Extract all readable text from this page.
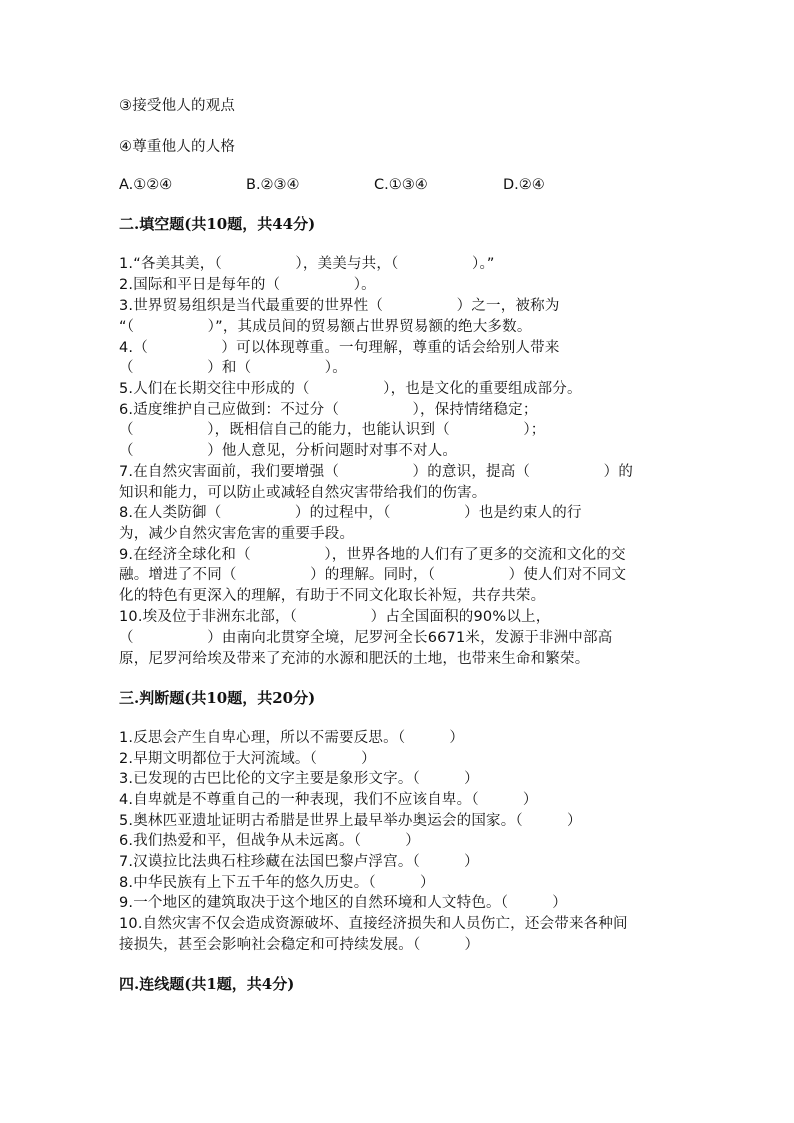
③接受他人的观点
④尊重他人的人格
A.①②④	B.②③④	C.①③④	D.②④
二.填空题(共10题，共44分)
1.“各美其美，（　　　　　），美美与共，（　　　　　）。”
2.国际和平日是每年的（　　　　　）。
3.世界贸易组织是当代最重要的世界性（　　　　　）之一，被称为
“（　　　　　）”，其成员间的贸易额占世界贸易额的绝大多数。
4.（　　　　　）可以体现尊重。一句理解，尊重的话会给别人带来
（　　　　　）和（　　　　　）。
5.人们在长期交往中形成的（　　　　　），也是文化的重要组成部分。
6.适度维护自己应做到：不过分（　　　　　），保持情绪稳定；
（　　　　　），既相信自己的能力，也能认识到（　　　　　）；
（　　　　　）他人意见，分析问题时对事不对人。
7.在自然灾害面前，我们要增强（　　　　　）的意识，提高（　　　　　）的
知识和能力，可以防止或减轻自然灾害带给我们的伤害。
8.在人类防御（　　　　　）的过程中，（　　　　　）也是约束人的行
为，减少自然灾害危害的重要手段。
9.在经济全球化和（　　　　　），世界各地的人们有了更多的交流和文化的交
融。增进了不同（　　　　　）的理解。同时，（　　　　　）使人们对不同文
化的特色有更深入的理解，有助于不同文化取长补短，共存共荣。
10.埃及位于非洲东北部，（　　　　　）占全国面积的90%以上，
（　　　　　）由南向北贯穿全境，尼罗河全长6671米，发源于非洲中部高
原，尼罗河给埃及带来了充沛的水源和肥沃的土地，也带来生命和繁荣。
三.判断题(共10题，共20分)
1.反思会产生自卑心理，所以不需要反思。（　　　）
2.早期文明都位于大河流域。（　　　）
3.已发现的古巴比伦的文字主要是象形文字。（　　　）
4.自卑就是不尊重自己的一种表现，我们不应该自卑。（　　　）
5.奥林匹亚遗址证明古希腊是世界上最早举办奥运会的国家。（　　　）
6.我们热爱和平，但战争从未远离。（　　　）
7.汉谟拉比法典石柱珍藏在法国巴黎卢浮宫。（　　　）
8.中华民族有上下五千年的悠久历史。（　　　）
9.一个地区的建筑取决于这个地区的自然环境和人文特色。（　　　）
10.自然灾害不仅会造成资源破坏、直接经济损失和人员伤亡，还会带来各种间
接损失，甚至会影响社会稳定和可持续发展。（　　　）
四.连线题(共1题，共4分)
